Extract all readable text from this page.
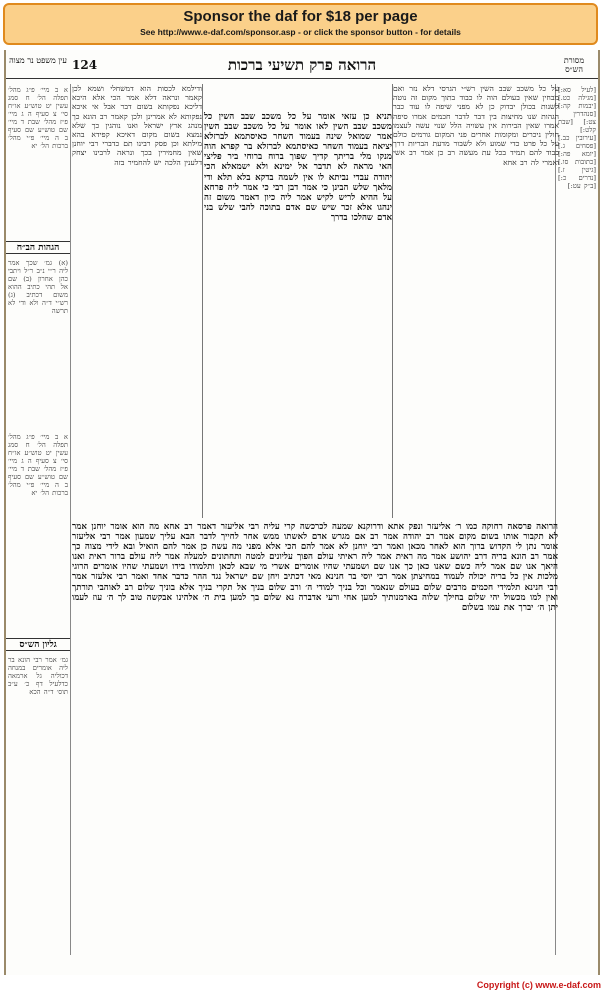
Sponsor the daf for $18 per page
See http://www.e-daf.com/sponsor.asp - or click the sponsor button - for details
עין משפט נר מצוה 124	הרואה פרק תשיעי ברכות	מסורת הש״ס
א ב מיי׳ פ״ג מהל׳ תפלה הל׳ ח סמג עשין יט טוש״ע או״ח סי׳ צ סעיף ה ג מיי׳ פ״ז מהל׳ שבת ד מיי׳ שם טוש״ע שם סעיף ב ה מיי׳ פ״י מהל׳ ברכות הל׳ יא
הגהות הב״ח
(א) גמ׳ שכך אמר ליה ר״י נ״ב ר״ל ויתבי כהן אחרון (ב) שם אל תהי כתיב ההוא משום דכתיב (ג) רש״י ד״ה ולא ודי לא תרשה
א ב מיי׳ פ״ג מהל׳ תפלה הל׳ ח סמג עשין יט טוש״ע או״ח סי׳ צ סעיף ה ג מיי׳ פ״ז מהל׳ שבת ד מיי׳ שם טוש״ע שם סעיף ב ה מיי׳ פ״י מהל׳ ברכות הל׳ יא
גליון הש״ס
גמ׳ אמר רבי הונא בר ליה אומרים במנחה דכוליה גל ארמאה כדלעיל דף כ׳ ע״ב תוס׳ ד״ה הכא
[לעיל סא:] [מגילה כט.] [יבמות קה:] [סנהדרין צט:] [שבת קלט:] [עירובין כב.] [פסחים ג.] [יומא פה:] [כתובות סו.] [גיטין ז.] [נדרים כ:] [ב״ק עט:]
ודילמא לכסות הוא דמשחלי ושמא לכן קאמר ונראה דלא אמר הכי אלא היכא דליכא נפקותא בשום דבר אבל אי איכא נפקותא לא אמרינן ולכן קאמר רב הונא כך מנהג ארץ ישראל ואנו נוהגין כך שלא נמצא בשום מקום דאיכא קפידא בהא מילתא וכן פסק רבינו תם כדברי רבי יוחנן שאין מחמירין בכך ונראה לרבינו יצחק דלענין הלכה יש להחמיר בזה
תניא כן עזאי אומר על כל משכב שבב השין כל משכב שבב השין לאו אומר על כל משכב שבב השין אמר שמואל שינה בעמוד השחר כאיסתמא לברזלא יציאה בעמוד השחר כאיסתמא לברזלא בר קפרא הוה מנקו מלי בריתך קדיך שפוך ברוח ברוחי ביר פליצי האי מראה לא תדבר אל ימינא ולא ישמאלא הכי יהודה עבדי נביתא לו אין לשמה בדקא בלא תלא ודי מלאך שלש הבינן כי אמר דבן רבי כי אמר ליה פרחא על ההיא לריש לקיש אמר ליה כיון דאמר משום זה ינהגו אלא זכר שיש שם אדם בתוכה להבי שלש בני אדם שהלכו בדרך
על כל משכב שבב השין רש״י הגרסי דלא נזר ואם מבחין שאין בעולם הוה לו כבוד בתוך מקום זה נוטה לשנות בכולן יבדוק כן לא מפני שיפה לו עוד כבר הגהות שנו מחיצות בין דבר לדבר חכמים אמרו סיפה אמרו שאין הבירות אין עשויה הלל שנוי עשה לעצמו חולין ניכרים ומקומות אחרים פני המקום גורמים כולם על כל פרט כדי שמוע ולא לשבור מדעת הבריות דרך כבוד להם תמיד בכל עת מעשה רב כן אמר רב אשי ואמרי לה רב אחא
הרואה פרסאה רחוקה כמו ר׳ אליעזר ונפק אתא ודרוקנא שמעה לכרכשה קרי עליה רבי אליעזר דאמר רב אחא מה הוא אומר יוחנן אמר לא תקבור אותו בשום מקום אמר רב יהודה אמר רב אם מגרש אדם לאשתו ממש אחר לחייך לדבר הבא עליך שמעון אמר רבי אליעזר אומר נתן לי הקדוש ברוך הוא לאחר מכאן ואמר רבי יוחנן לא אמר להם הכי אלא מפני מה עשה כן אמר להם הואיל ובא לידי מצוה כך אמר רב הונא בריה דרב יהושע אמר מה ראית אמר ליה ראיתי עולם הפוך עליונים למטה ותחתונים למעלה אמר ליה עולם ברור ראית ואנו היאך אנו שם אמר ליה כשם שאנו כאן כך אנו שם ושמעתי שהיו אומרים אשרי מי שבא לכאן ותלמודו בידו ושמעתי שהיו אומרים הרוגי מלכות אין כל בריה יכולה לעמוד במחיצתן אמר רבי יוסי בר חנינא מאי דכתיב ויחן שם ישראל נגד ההר כדבר אחד ואמר רבי אלעזר אמר רבי חנינא תלמידי חכמים מרבים שלום בעולם שנאמר וכל בניך למודי ה׳ ורב שלום בניך אל תקרי בניך אלא בוניך שלום רב לאוהבי תורתך ואין למו מכשול יהי שלום בחילך שלוה בארמנותיך למען אחי ורעי אדברה נא שלום בך למען בית ה׳ אלהינו אבקשה טוב לך ה׳ עוז לעמו יתן ה׳ יברך את עמו בשלום
Copyright (c) www.e-daf.com
